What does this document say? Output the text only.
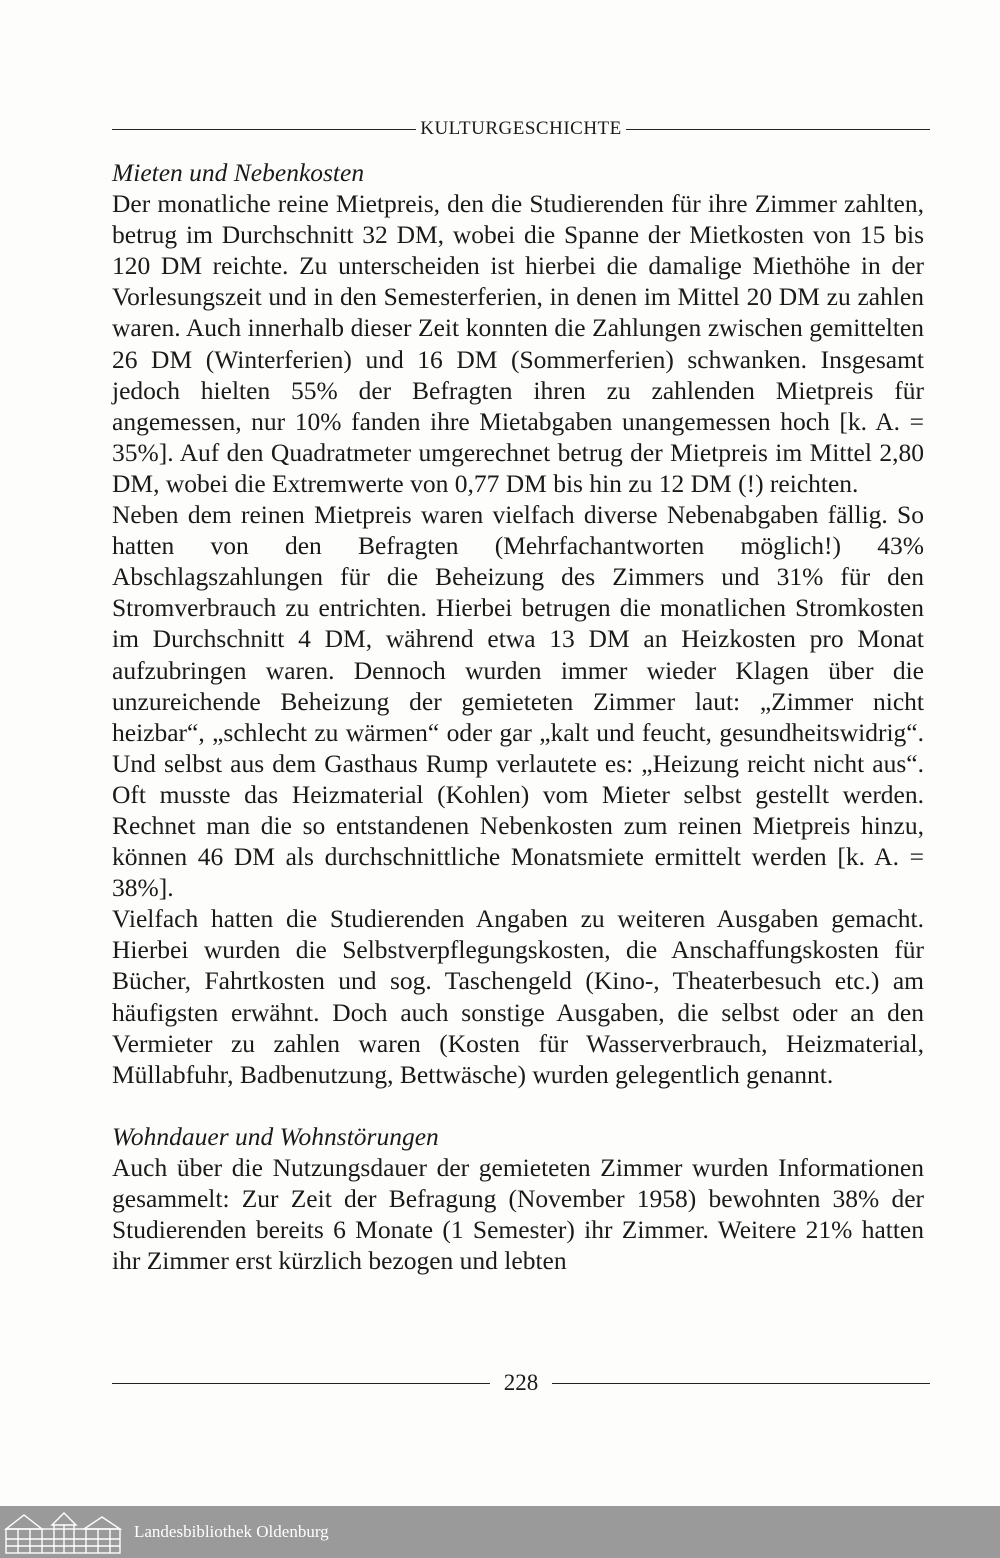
KULTURGESCHICHTE
Mieten und Nebenkosten

Der monatliche reine Mietpreis, den die Studierenden für ihre Zimmer zahlten, betrug im Durchschnitt 32 DM, wobei die Spanne der Mietkosten von 15 bis 120 DM reichte. Zu unterscheiden ist hierbei die damalige Miethöhe in der Vorlesungszeit und in den Semesterferien, in denen im Mittel 20 DM zu zahlen waren. Auch innerhalb dieser Zeit konnten die Zahlungen zwischen gemittelten 26 DM (Winterferien) und 16 DM (Sommerferien) schwanken. Insgesamt jedoch hielten 55% der Befragten ihren zu zahlenden Mietpreis für angemessen, nur 10% fanden ihre Mietabgaben unangemessen hoch [k. A. = 35%]. Auf den Quadratmeter umgerechnet betrug der Mietpreis im Mittel 2,80 DM, wobei die Extremwerte von 0,77 DM bis hin zu 12 DM (!) reichten.

Neben dem reinen Mietpreis waren vielfach diverse Nebenabgaben fällig. So hatten von den Befragten (Mehrfachantworten möglich!) 43% Abschlagszahlungen für die Beheizung des Zimmers und 31% für den Stromverbrauch zu entrichten. Hierbei betrugen die monatlichen Stromkosten im Durchschnitt 4 DM, während etwa 13 DM an Heizkosten pro Monat aufzubringen waren. Dennoch wurden immer wieder Klagen über die unzureichende Beheizung der gemieteten Zimmer laut: „Zimmer nicht heizbar“, „schlecht zu wärmen“ oder gar „kalt und feucht, gesundheitswidrig“. Und selbst aus dem Gasthaus Rump verlautete es: „Heizung reicht nicht aus“. Oft musste das Heizmaterial (Kohlen) vom Mieter selbst gestellt werden. Rechnet man die so entstandenen Nebenkosten zum reinen Mietpreis hinzu, können 46 DM als durchschnittliche Monatsmiete ermittelt werden [k. A. = 38%].

Vielfach hatten die Studierenden Angaben zu weiteren Ausgaben gemacht. Hierbei wurden die Selbstverpflegungskosten, die Anschaffungskosten für Bücher, Fahrtkosten und sog. Taschengeld (Kino-, Theaterbesuch etc.) am häufigsten erwähnt. Doch auch sonstige Ausgaben, die selbst oder an den Vermieter zu zahlen waren (Kosten für Wasserverbrauch, Heizmaterial, Müllabfuhr, Badbenutzung, Bettwäsche) wurden gelegentlich genannt.

Wohndauer und Wohnstörungen

Auch über die Nutzungsdauer der gemieteten Zimmer wurden Informationen gesammelt: Zur Zeit der Befragung (November 1958) bewohnten 38% der Studierenden bereits 6 Monate (1 Semester) ihr Zimmer. Weitere 21% hatten ihr Zimmer erst kürzlich bezogen und lebten

228
Landesbibliothek Oldenburg
